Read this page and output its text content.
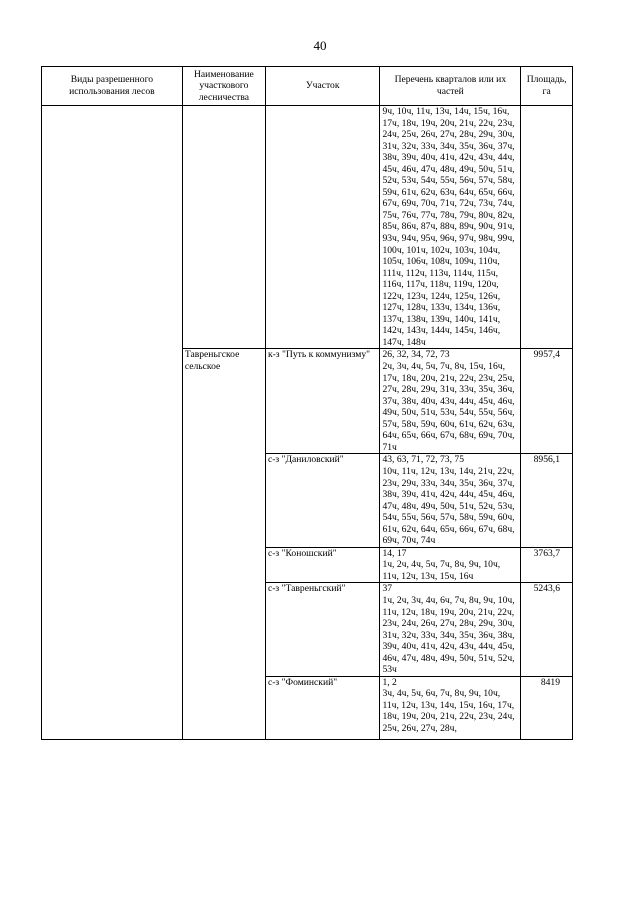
40
Виды разрешенного использования лесов	Наименование участкового лесничества	Участок	Перечень кварталов или их частей	Площадь, га
			9ч, 10ч, 11ч, 13ч, 14ч, 15ч, 16ч, 17ч, 18ч, 19ч, 20ч, 21ч, 22ч, 23ч, 24ч, 25ч, 26ч, 27ч, 28ч, 29ч, 30ч, 31ч, 32ч, 33ч, 34ч, 35ч, 36ч, 37ч, 38ч, 39ч, 40ч, 41ч, 42ч, 43ч, 44ч, 45ч, 46ч, 47ч, 48ч, 49ч, 50ч, 51ч, 52ч, 53ч, 54ч, 55ч, 56ч, 57ч, 58ч, 59ч, 61ч, 62ч, 63ч, 64ч, 65ч, 66ч, 67ч, 69ч, 70ч, 71ч, 72ч, 73ч, 74ч, 75ч, 76ч, 77ч, 78ч, 79ч, 80ч, 82ч, 85ч, 86ч, 87ч, 88ч, 89ч, 90ч, 91ч, 93ч, 94ч, 95ч, 96ч, 97ч, 98ч, 99ч, 100ч, 101ч, 102ч, 103ч, 104ч, 105ч, 106ч, 108ч, 109ч, 110ч, 111ч, 112ч, 113ч, 114ч, 115ч, 116ч, 117ч, 118ч, 119ч, 120ч, 122ч, 123ч, 124ч, 125ч, 126ч, 127ч, 128ч, 133ч, 134ч, 136ч, 137ч, 138ч, 139ч, 140ч, 141ч, 142ч, 143ч, 144ч, 145ч, 146ч, 147ч, 148ч	
	Тавреньгское сельское	к-з "Путь к коммунизму"	26, 32, 34, 72, 73
2ч, 3ч, 4ч, 5ч, 7ч, 8ч, 15ч, 16ч, 17ч, 18ч, 20ч, 21ч, 22ч, 23ч, 25ч, 27ч, 28ч, 29ч, 31ч, 33ч, 35ч, 36ч, 37ч, 38ч, 40ч, 43ч, 44ч, 45ч, 46ч, 49ч, 50ч, 51ч, 53ч, 54ч, 55ч, 56ч, 57ч, 58ч, 59ч, 60ч, 61ч, 62ч, 63ч, 64ч, 65ч, 66ч, 67ч, 68ч, 69ч, 70ч, 71ч	9957,4
		с-з "Даниловский"	43, 63, 71, 72, 73, 75
10ч, 11ч, 12ч, 13ч, 14ч, 21ч, 22ч, 23ч, 29ч, 33ч, 34ч, 35ч, 36ч, 37ч, 38ч, 39ч, 41ч, 42ч, 44ч, 45ч, 46ч, 47ч, 48ч, 49ч, 50ч, 51ч, 52ч, 53ч, 54ч, 55ч, 56ч, 57ч, 58ч, 59ч, 60ч, 61ч, 62ч, 64ч, 65ч, 66ч, 67ч, 68ч, 69ч, 70ч, 74ч	8956,1
		с-з "Коношский"	14, 17
1ч, 2ч, 4ч, 5ч, 7ч, 8ч, 9ч, 10ч, 11ч, 12ч, 13ч, 15ч, 16ч	3763,7
		с-з "Тавреньгский"	37
1ч, 2ч, 3ч, 4ч, 6ч, 7ч, 8ч, 9ч, 10ч, 11ч, 12ч, 18ч, 19ч, 20ч, 21ч, 22ч, 23ч, 24ч, 26ч, 27ч, 28ч, 29ч, 30ч, 31ч, 32ч, 33ч, 34ч, 35ч, 36ч, 38ч, 39ч, 40ч, 41ч, 42ч, 43ч, 44ч, 45ч, 46ч, 47ч, 48ч, 49ч, 50ч, 51ч, 52ч, 53ч	5243,6
		с-з "Фоминский"	1, 2
3ч, 4ч, 5ч, 6ч, 7ч, 8ч, 9ч, 10ч, 11ч, 12ч, 13ч, 14ч, 15ч, 16ч, 17ч, 18ч, 19ч, 20ч, 21ч, 22ч, 23ч, 24ч, 25ч, 26ч, 27ч, 28ч,	8419
